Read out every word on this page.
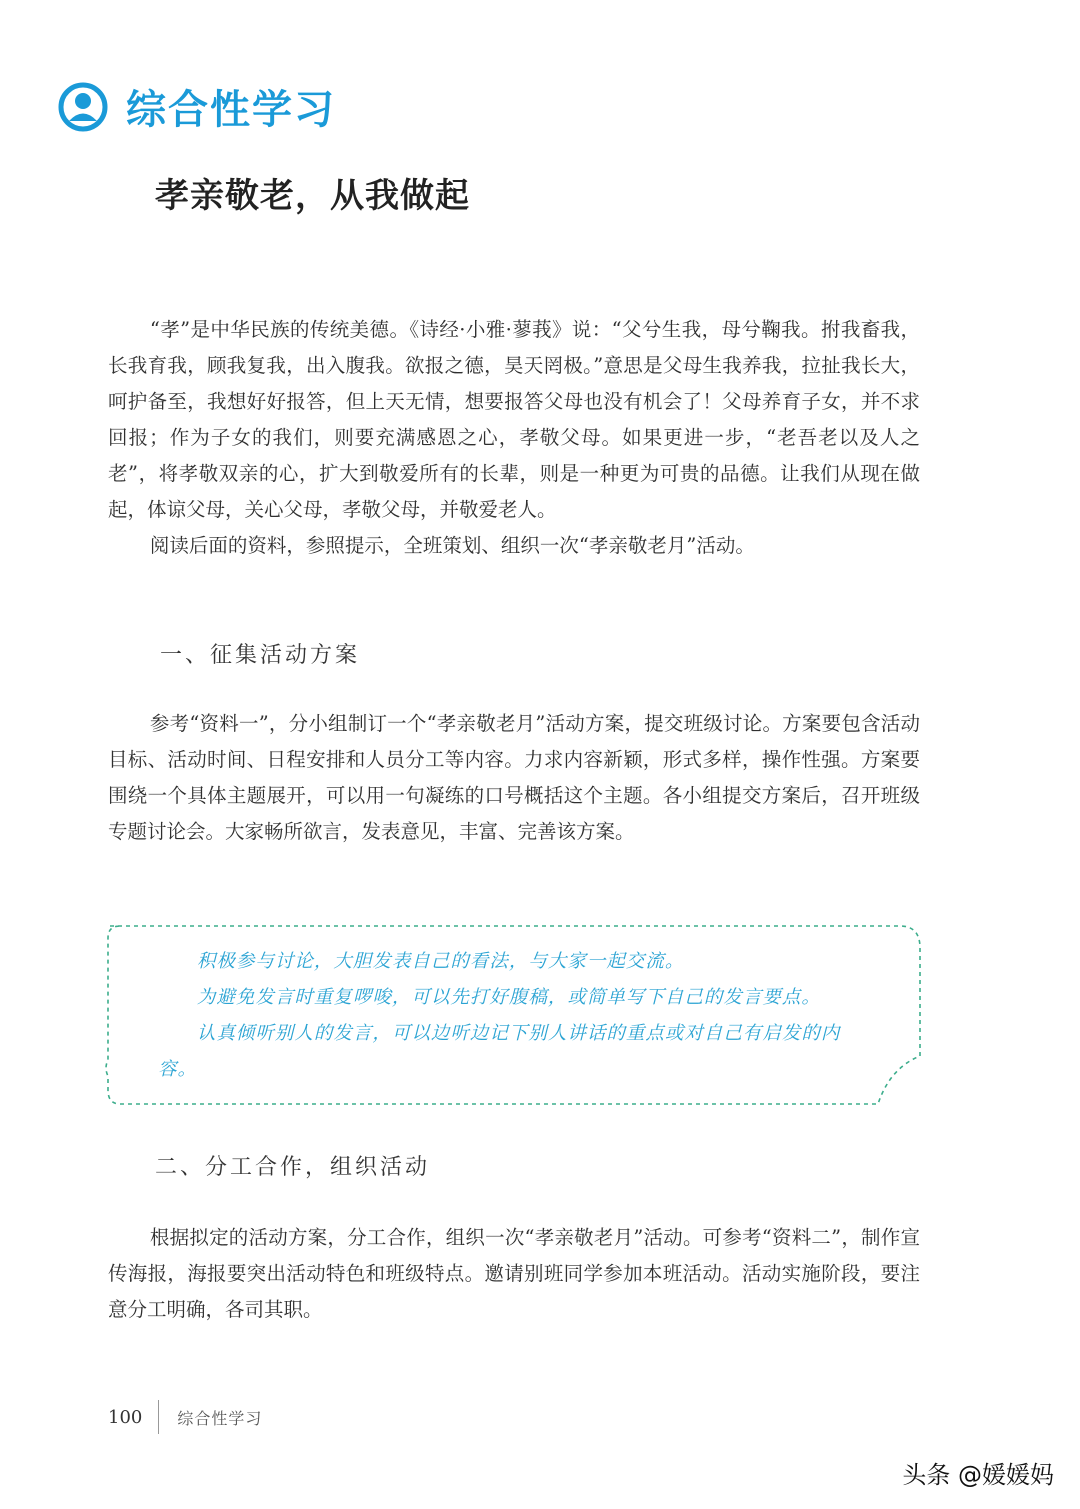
综合性学习
孝亲敬老，从我做起

“孝”是中华民族的传统美德。《诗经·小雅·蓼莪》说：“父兮生我，母兮鞠我。拊我畜我，长我育我，顾我复我，出入腹我。欲报之德，昊天罔极。”意思是父母生我养我，拉扯我长大，呵护备至，我想好好报答，但上天无情，想要报答父母也没有机会了！父母养育子女，并不求回报；作为子女的我们，则要充满感恩之心，孝敬父母。如果更进一步，“老吾老以及人之老”，将孝敬双亲的心，扩大到敬爱所有的长辈，则是一种更为可贵的品德。让我们从现在做起，体谅父母，关心父母，孝敬父母，并敬爱老人。

阅读后面的资料，参照提示，全班策划、组织一次“孝亲敬老月”活动。

一、征集活动方案

参考“资料一”，分小组制订一个“孝亲敬老月”活动方案，提交班级讨论。方案要包含活动目标、活动时间、日程安排和人员分工等内容。力求内容新颖，形式多样，操作性强。方案要围绕一个具体主题展开，可以用一句凝练的口号概括这个主题。各小组提交方案后，召开班级专题讨论会。大家畅所欲言，发表意见，丰富、完善该方案。

积极参与讨论，大胆发表自己的看法，与大家一起交流。

为避免发言时重复啰唆，可以先打好腹稿，或简单写下自己的发言要点。

认真倾听别人的发言，可以边听边记下别人讲话的重点或对自己有启发的内容。

二、分工合作，组织活动

根据拟定的活动方案，分工合作，组织一次“孝亲敬老月”活动。可参考“资料二”，制作宣传海报，海报要突出活动特色和班级特点。邀请别班同学参加本班活动。活动实施阶段，要注意分工明确，各司其职。

100 综合性学习
头条 @媛媛妈
